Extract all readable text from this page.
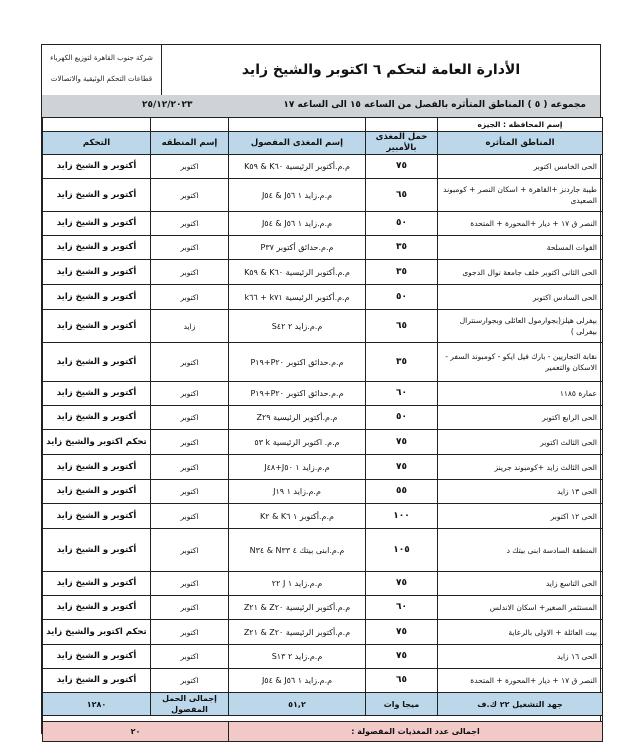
شركة جنوب القاهرة لتوزيع الكهرباء
قطاعات التحكم الوثيقية والاتصالات
الأدارة العامة لتحكم ٦ اكتوبر والشيخ زايد
مجموعه ( ٥ ) المناطق المتأثره بالفصل من الساعه ١٥ الى الساعه ١٧
٢٥/١٢/٢٠٢٣
				إسم المحافظه : الجيزه
التحكم	إسم المنطقه	إسم المغذى المفصول	حمل المغذى بالأمبير	المناطق المتأثره
أكتوبر و الشيخ زايد	اكتوبر	م.م.أكتوبر الرئيسية K٦٠ & K٥٩	٧٥	الحى الخامس اكتوبر
أكتوبر و الشيخ زايد	اكتوبر	م.م.زايد ١ J٥٦ & J٥٤	٦٥	طيبة جاردنز +القاهرة + اسكان النصر + كومبوند الصعيدى
أكتوبر و الشيخ زايد	اكتوبر	م.م.زايد ١ J٥٦ & J٥٤	٥٠	النصر ق ١٧ + ديار +المحورة + المتحدة
أكتوبر و الشيخ زايد	اكتوبر	م.م.حدائق أكتوبر P٣٧	٣٥	القوات المسلحة
أكتوبر و الشيخ زايد	اكتوبر	م.م.أكتوبر الرئيسية K٦٠ & K٥٩	٣٥	الحى الثانى اكتوبر خلف جامعة نوال الدجوى
أكتوبر و الشيخ زايد	اكتوبر	م.م.أكتوبر الرئيسية k٧١ + k٦٦	٥٠	الحى السادس اكتوبر
أكتوبر و الشيخ زايد	زايد	م.م.زايد ٢ S٤٢	٦٥	بيفرلى هيلز(بجوارمول العائلى وبجوارسنترال بيفرلى )
أكتوبر و الشيخ زايد	اكتوبر	م.م.حدائق اكتوبر P٢٠+P١٩	٣٥	نقابة التجاريين - بارك فيل ايكو - كومبوند السفر - الاسكان والتعمير
أكتوبر و الشيخ زايد	اكتوبر	م.م.حدائق اكتوبر P٢٠+P١٩	٦٠	عمارة ١١٨٥
أكتوبر و الشيخ زايد	اكتوبر	م.م.أكتوبر الرئيسية Z٢٩	٥٠	الحى الرابع اكتوبر
تحكم اكتوبر والشيخ زايد	اكتوبر	م.م. اكتوبر الرئيسية k ٥٣	٧٥	الحى الثالث اكتوبر
أكتوبر و الشيخ زايد	اكتوبر	م.م.زايد ١ J٥٠+J٤٨	٧٥	الحى الثالث زايد +كومبوند جرينز
أكتوبر و الشيخ زايد	اكتوبر	م.م.زايد ١ J١٩	٥٥	الحى ١٣ زايد
أكتوبر و الشيخ زايد	اكتوبر	م.م.أكتوبر ١ K٦ & K٢	١٠٠	الحى ١٢ اكتوبر
أكتوبر و الشيخ زايد	اكتوبر	م.م.ابنى بيتك ٤ N٣٣ & N٣٤	١٠٥	المنطقة السادسة ابنى بيتك د
أكتوبر و الشيخ زايد	اكتوبر	م.م.زايد ١ J ٢٢	٧٥	الحى التاسع زايد
أكتوبر و الشيخ زايد	اكتوبر	م.م.أكتوبر الرئيسية Z٢٠ & Z٢١	٦٠	المستثمر الصغير+ اسكان الاندلس
تحكم اكتوبر والشيخ زايد	اكتوبر	م.م.أكتوبر الرئيسية Z٢٠ & Z٢١	٧٥	بيت العائلة + الاولى بالرعاية
أكتوبر و الشيخ زايد	اكتوبر	م.م.زايد ٢ S١٣	٧٥	الحى ١٦ زايد
أكتوبر و الشيخ زايد	اكتوبر	م.م.زايد ١ J٥٦ & J٥٤	٦٥	النصر ق ١٧ + ديار +المحورة + المتحدة
١٢٨٠	إجمالى الحمل المفصول	٥١,٢	ميجا وات	جهد التشغيل ٢٢ ك.ف

٢٠		اجمالى عدد المغذيات المفصولة :		
